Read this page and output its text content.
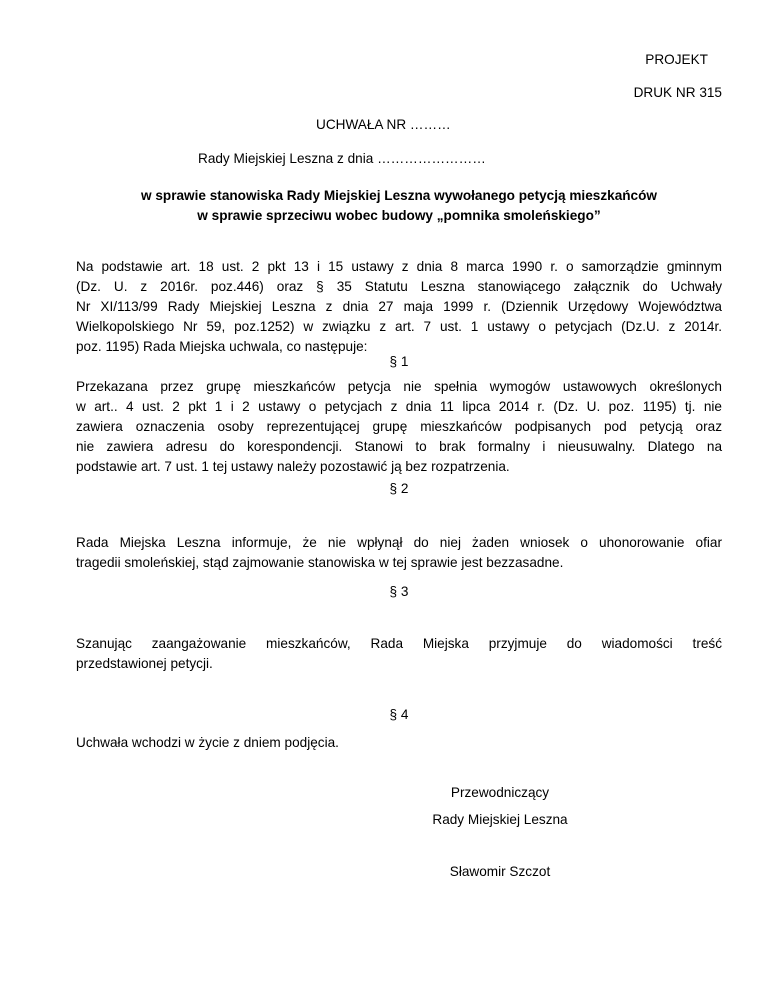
PROJEKT
DRUK NR 315
UCHWAŁA NR ………
Rady Miejskiej Leszna z dnia ……………………
w sprawie stanowiska Rady Miejskiej Leszna wywołanego petycją mieszkańców
w sprawie sprzeciwu wobec budowy „pomnika smoleńskiego”
Na podstawie art. 18 ust. 2 pkt 13 i 15 ustawy z dnia 8 marca 1990 r. o samorządzie gminnym
(Dz. U. z 2016r. poz.446) oraz § 35 Statutu Leszna stanowiącego załącznik do Uchwały
Nr XI/113/99 Rady Miejskiej Leszna z dnia 27 maja 1999 r. (Dziennik Urzędowy Województwa
Wielkopolskiego Nr 59, poz.1252) w związku z art. 7 ust. 1 ustawy o petycjach (Dz.U. z 2014r.
poz. 1195) Rada Miejska uchwala, co następuje:
§ 1
Przekazana przez grupę mieszkańców petycja nie spełnia wymogów ustawowych określonych
w art.. 4 ust. 2 pkt 1 i 2 ustawy o petycjach z dnia 11 lipca 2014 r. (Dz. U. poz. 1195) tj. nie
zawiera oznaczenia osoby reprezentującej grupę mieszkańców podpisanych pod petycją oraz
nie zawiera adresu do korespondencji. Stanowi to brak formalny i nieusuwalny. Dlatego na
podstawie art. 7 ust. 1 tej ustawy należy pozostawić ją bez rozpatrzenia.
§ 2
Rada Miejska Leszna informuje, że nie wpłynął do niej żaden wniosek o uhonorowanie ofiar
tragedii smoleńskiej, stąd zajmowanie stanowiska w tej sprawie jest bezzasadne.
§ 3
Szanując zaangażowanie mieszkańców, Rada Miejska przyjmuje do wiadomości treść
przedstawionej petycji.
§ 4
Uchwała wchodzi w życie z dniem podjęcia.
Przewodniczący
Rady Miejskiej Leszna
Sławomir Szczot
